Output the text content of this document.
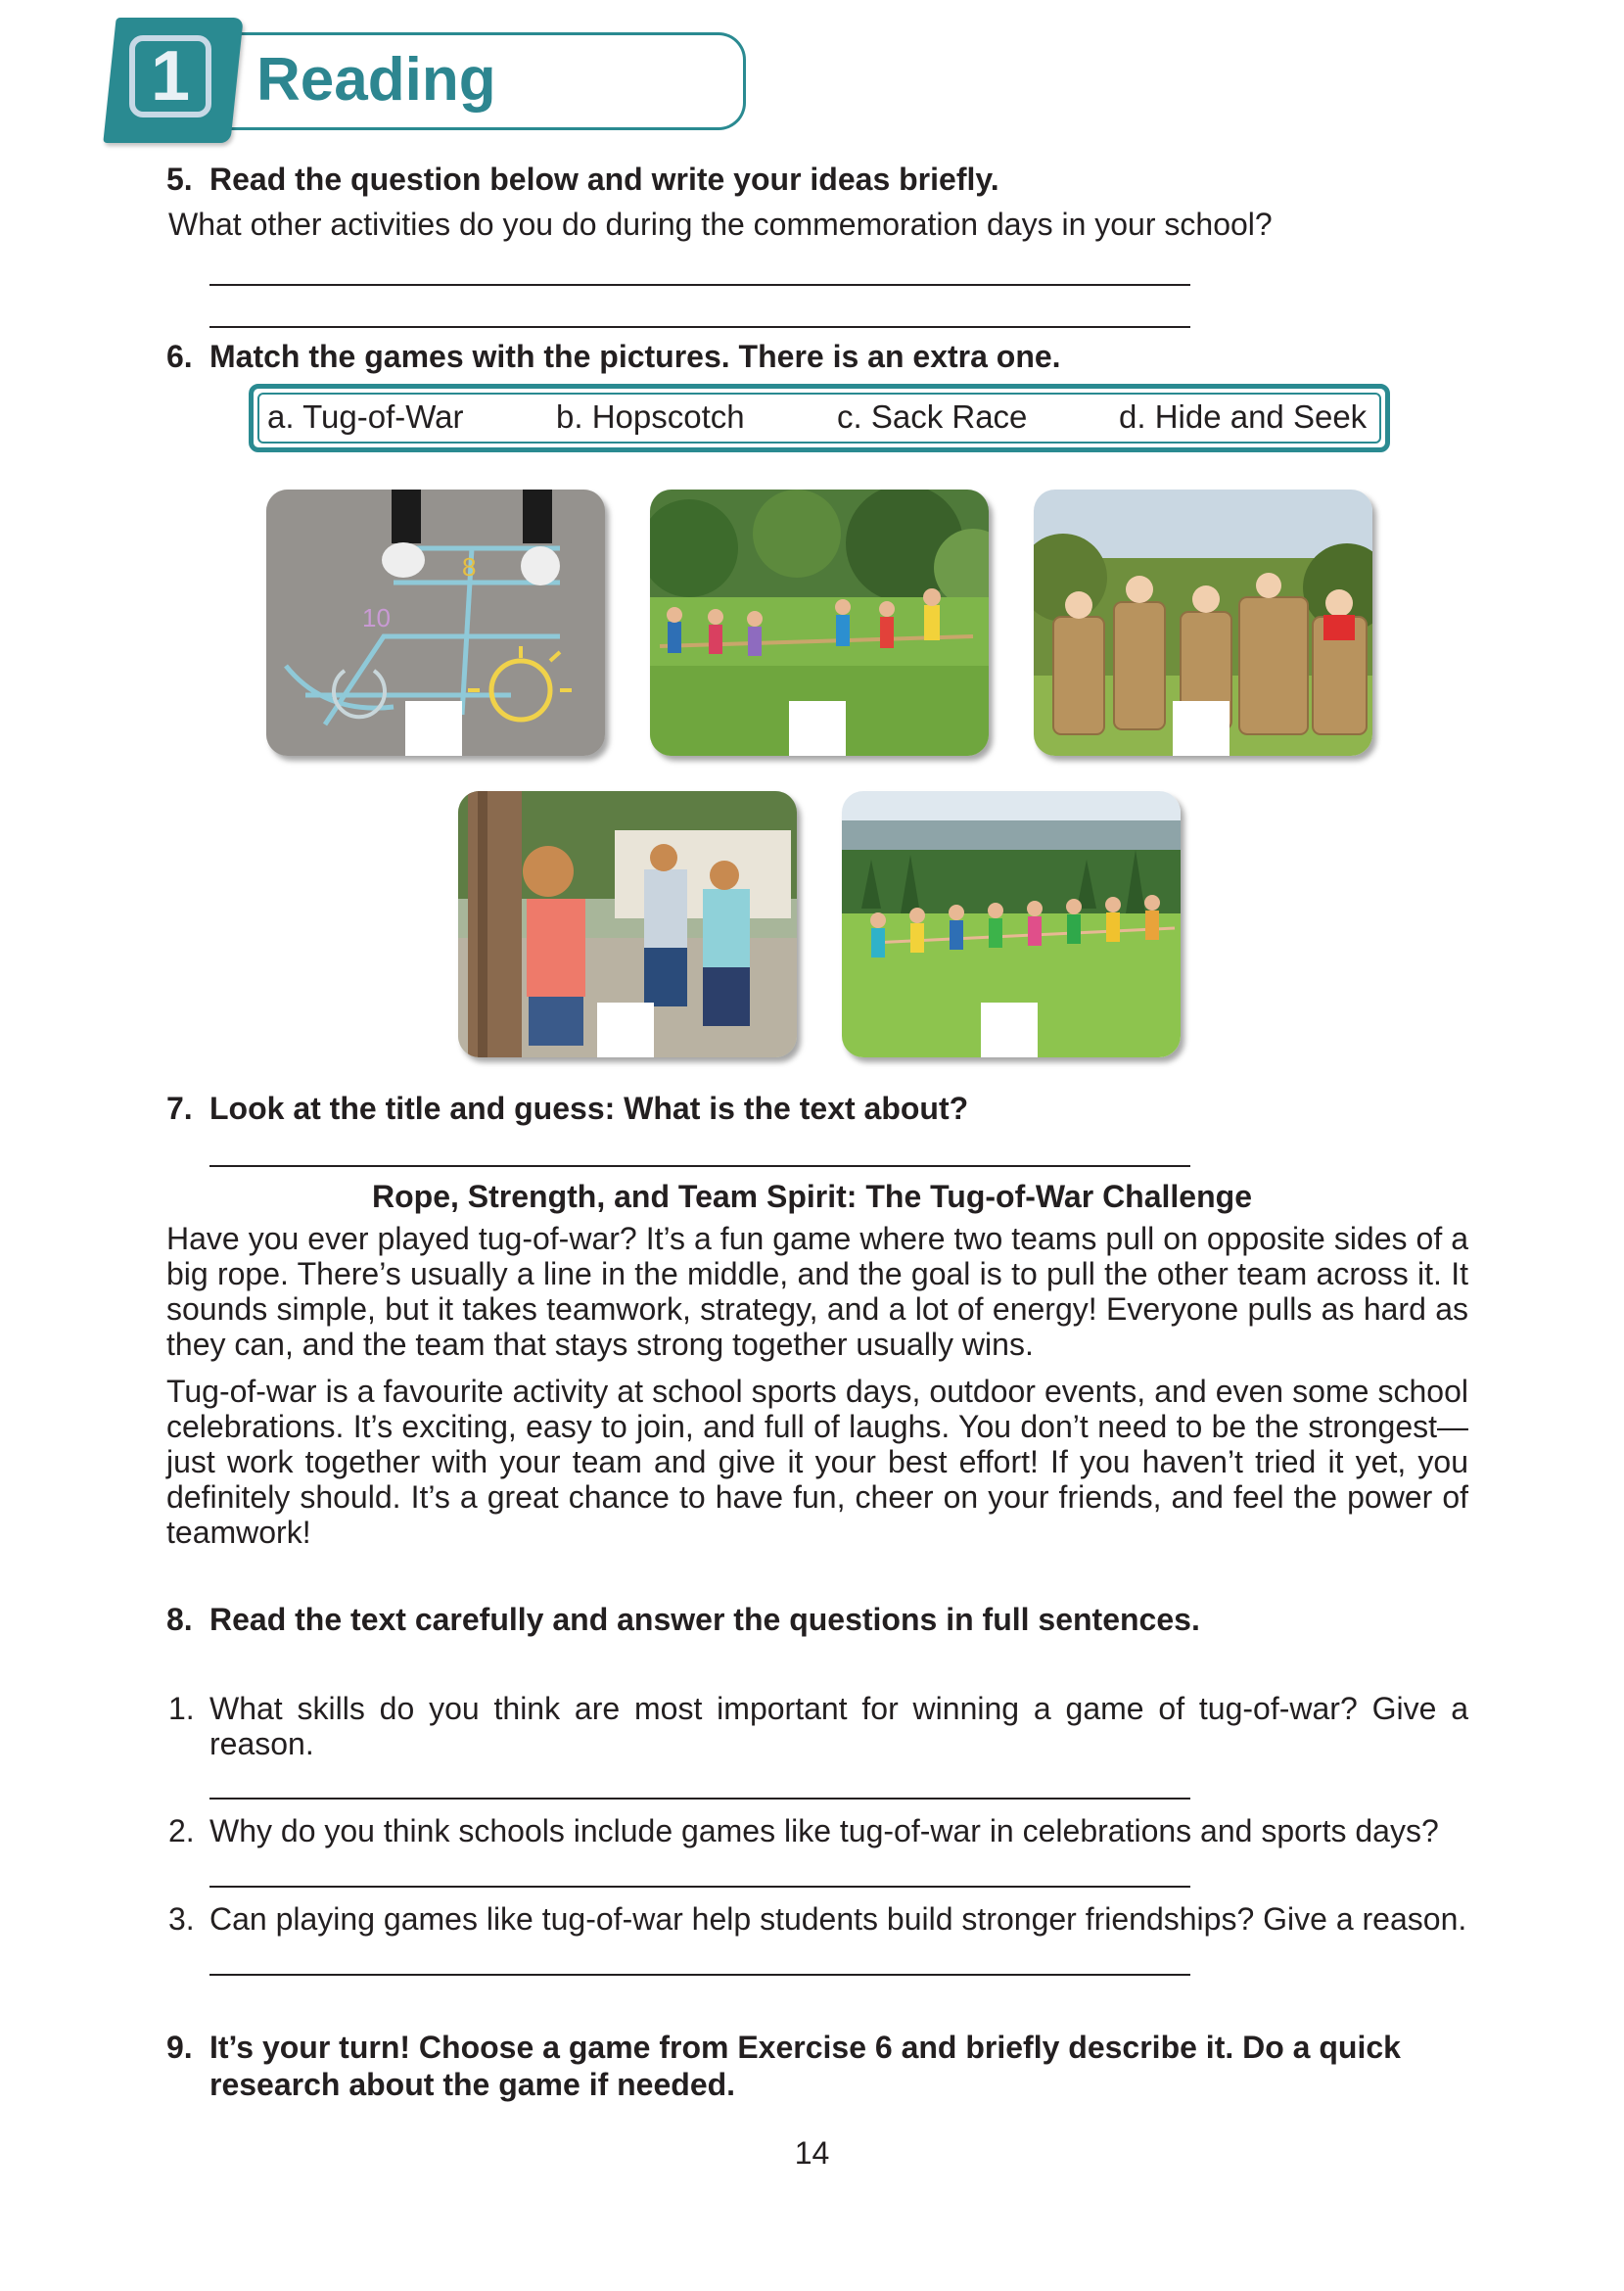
1	Reading
5. Read the question below and write your ideas briefly.
What other activities do you do during the commemoration days in your school?
6. Match the games with the pictures. There is an extra one.
a. Tug-of-War	b. Hopscotch	c. Sack Race	d. Hide and Seek
8
10
7. Look at the title and guess: What is the text about?
Rope, Strength, and Team Spirit: The Tug-of-War Challenge
Have you ever played tug-of-war? It’s a fun game where two teams pull on opposite sides of a big rope. There’s usually a line in the middle, and the goal is to pull the other team across it. It sounds simple, but it takes teamwork, strategy, and a lot of energy! Everyone pulls as hard as they can, and the team that stays strong together usually wins.
Tug-of-war is a favourite activity at school sports days, outdoor events, and even some school celebrations. It’s exciting, easy to join, and full of laughs. You don’t need to be the strongest—just work together with your team and give it your best effort! If you haven’t tried it yet, you definitely should. It’s a great chance to have fun, cheer on your friends, and feel the power of teamwork!
8. Read the text carefully and answer the questions in full sentences.
1. What skills do you think are most important for winning a game of tug-of-war? Give a reason.
2. Why do you think schools include games like tug-of-war in celebrations and sports days?
3. Can playing games like tug-of-war help students build stronger friendships? Give a reason.
9. It’s your turn! Choose a game from Exercise 6 and briefly describe it. Do a quick research about the game if needed.
14
